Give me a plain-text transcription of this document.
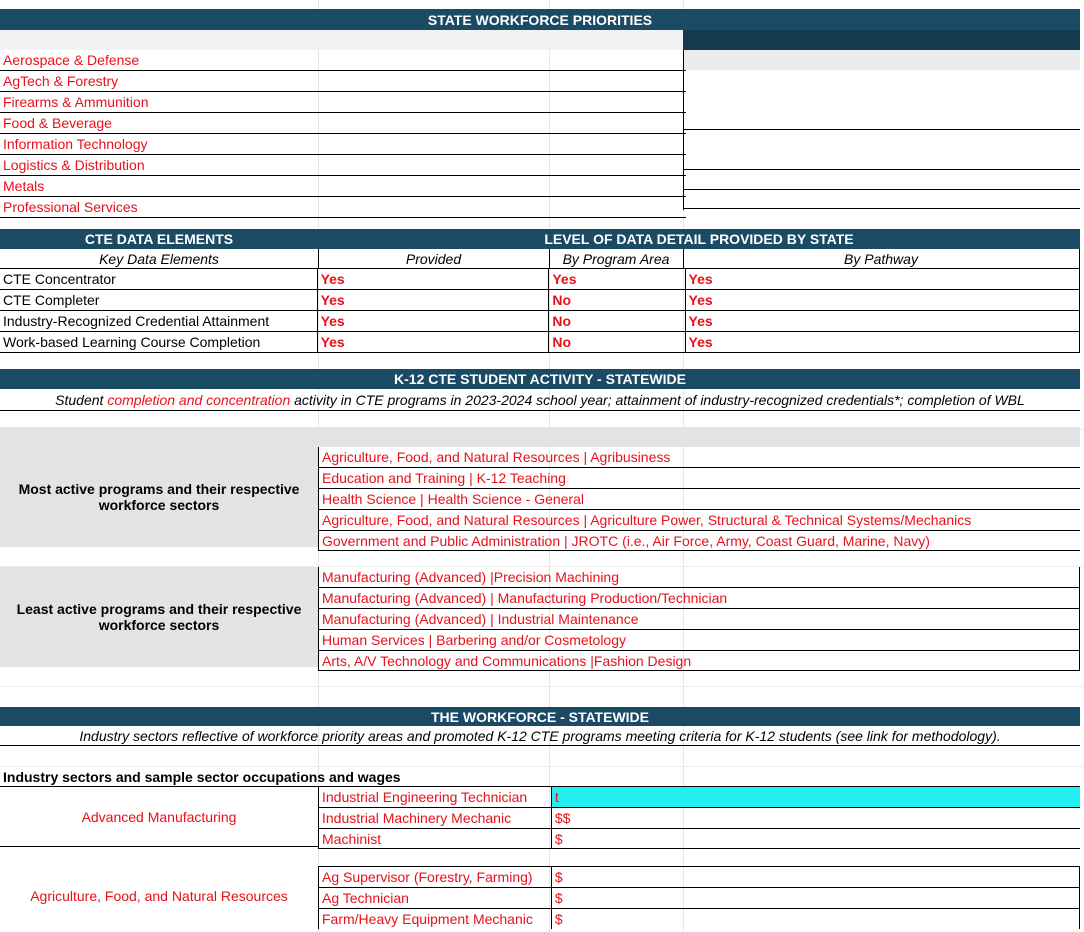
STATE WORKFORCE PRIORITIES
Aerospace & Defense
AgTech & Forestry
Firearms & Ammunition
Food & Beverage
Information Technology
Logistics & Distribution
Metals
Professional Services
CTE DATA ELEMENTS	LEVEL OF DATA DETAIL PROVIDED BY STATE
Key Data Elements	Provided	By Program Area	By Pathway
CTE Concentrator	Yes	Yes	Yes
CTE Completer	Yes	No	Yes
Industry-Recognized Credential Attainment	Yes	No	Yes
Work-based Learning Course Completion	Yes	No	Yes
K-12 CTE STUDENT ACTIVITY - STATEWIDE
Student completion and concentration activity in CTE programs in 2023-2024 school year; attainment of industry-recognized credentials*; completion of WBL
Most active programs and their respective workforce sectors
Agriculture, Food, and Natural Resources | Agribusiness
Education and Training | K-12 Teaching
Health Science | Health Science - General
Agriculture, Food, and Natural Resources | Agriculture Power, Structural & Technical Systems/Mechanics
Government and Public Administration | JROTC (i.e., Air Force, Army, Coast Guard, Marine, Navy)
Least active programs and their respective workforce sectors
Manufacturing (Advanced) |Precision Machining
Manufacturing (Advanced) | Manufacturing Production/Technician
Manufacturing (Advanced) | Industrial Maintenance
Human Services | Barbering and/or Cosmetology
Arts, A/V Technology and Communications |Fashion Design
THE WORKFORCE - STATEWIDE
Industry sectors reflective of workforce priority areas and promoted K-12 CTE programs meeting criteria for K-12 students (see link for methodology).
Industry sectors and sample sector occupations and wages
Advanced Manufacturing
Industrial Engineering Technician	t
Industrial Machinery Mechanic	$$
Machinist	$
Agriculture, Food, and Natural Resources
Ag Supervisor (Forestry, Farming)	$
Ag Technician	$
Farm/Heavy Equipment Mechanic	$
